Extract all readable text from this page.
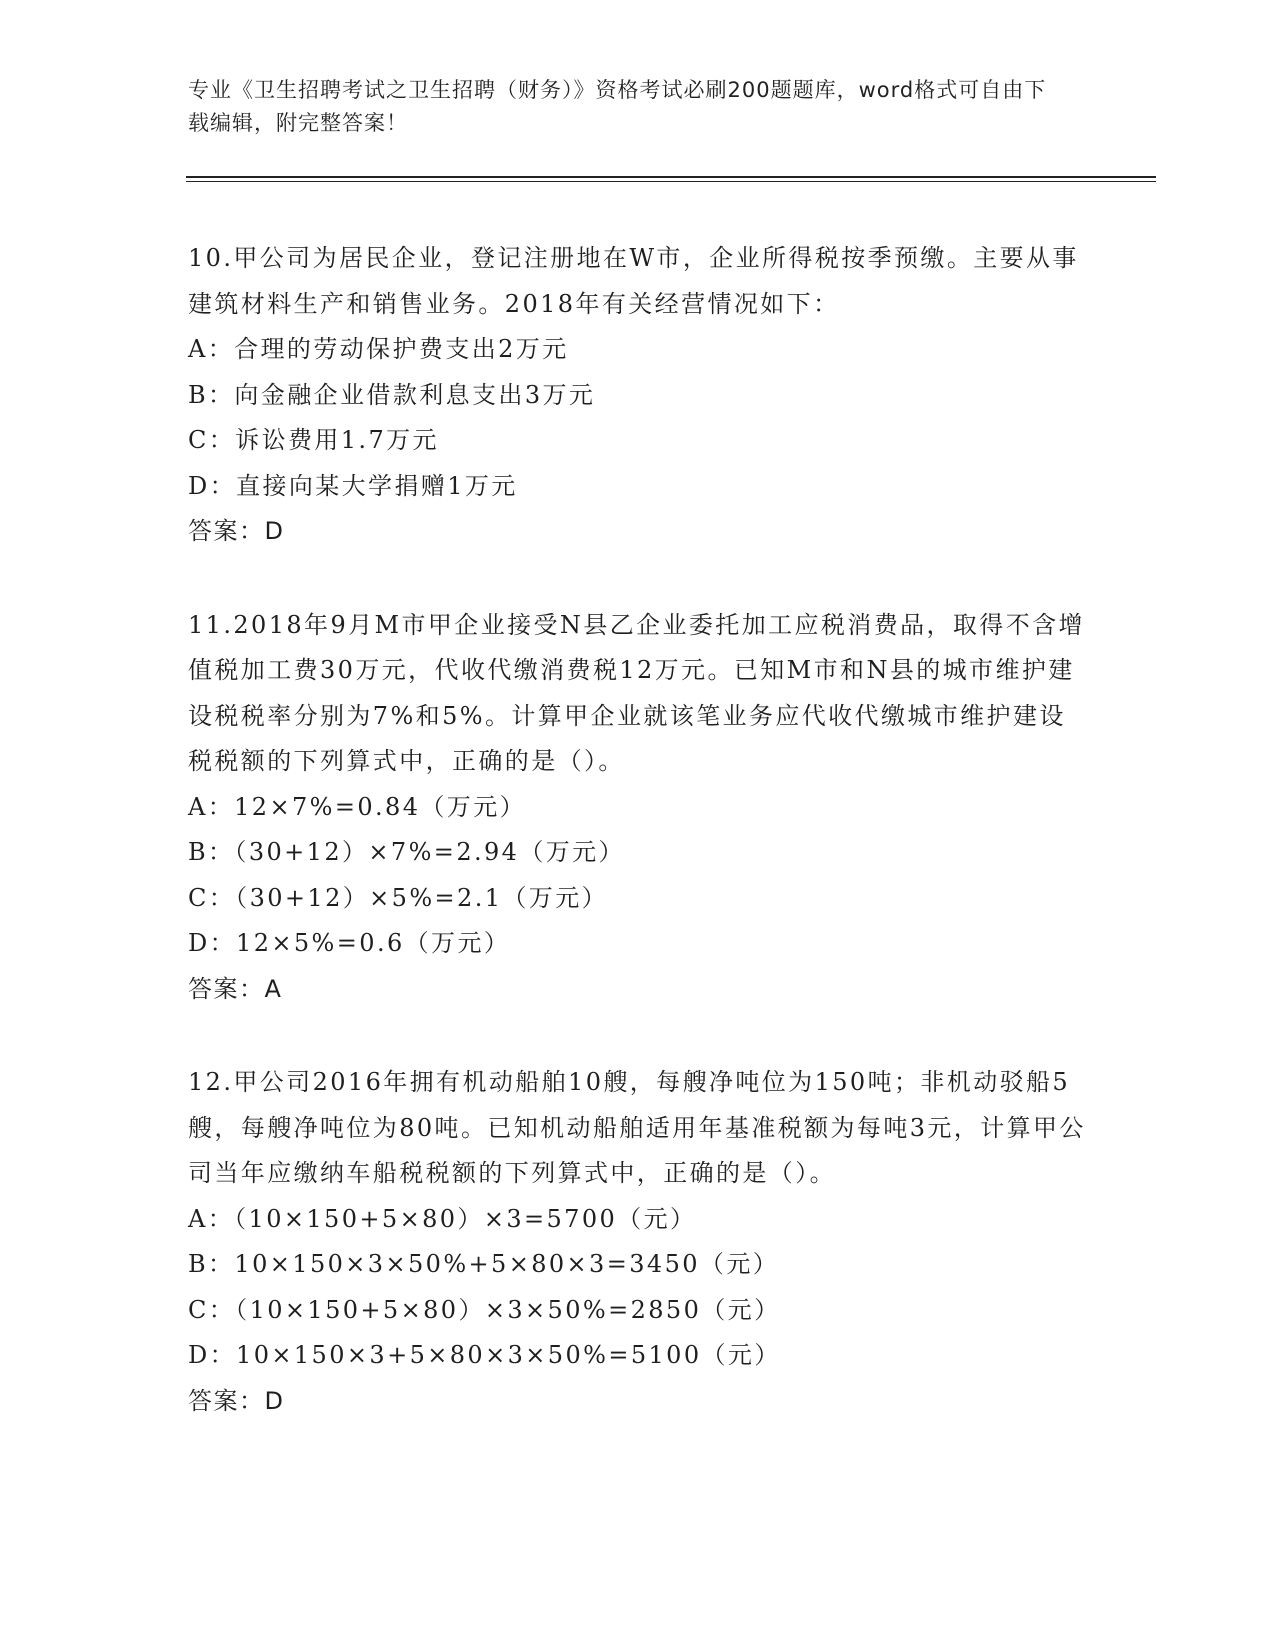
专业《卫生招聘考试之卫生招聘（财务）》资格考试必刷200题题库，word格式可自由下载编辑，附完整答案！

10.甲公司为居民企业，登记注册地在W市，企业所得税按季预缴。主要从事建筑材料生产和销售业务。2018年有关经营情况如下：

A：合理的劳动保护费支出2万元

B：向金融企业借款利息支出3万元

C：诉讼费用1.7万元

D：直接向某大学捐赠1万元

答案：D

11.2018年9月M市甲企业接受N县乙企业委托加工应税消费品，取得不含增值税加工费30万元，代收代缴消费税12万元。已知M市和N县的城市维护建设税税率分别为7%和5%。计算甲企业就该笔业务应代收代缴城市维护建设税税额的下列算式中，正确的是（）。

A：12×7%=0.84（万元）

B：（30+12）×7%=2.94（万元）

C：（30+12）×5%=2.1（万元）

D：12×5%=0.6（万元）

答案：A

12.甲公司2016年拥有机动船舶10艘，每艘净吨位为150吨；非机动驳船5艘，每艘净吨位为80吨。已知机动船舶适用年基准税额为每吨3元，计算甲公司当年应缴纳车船税税额的下列算式中，正确的是（）。

A：（10×150+5×80）×3=5700（元）

B：10×150×3×50%+5×80×3=3450（元）

C：（10×150+5×80）×3×50%=2850（元）

D：10×150×3+5×80×3×50%=5100（元）

答案：D
